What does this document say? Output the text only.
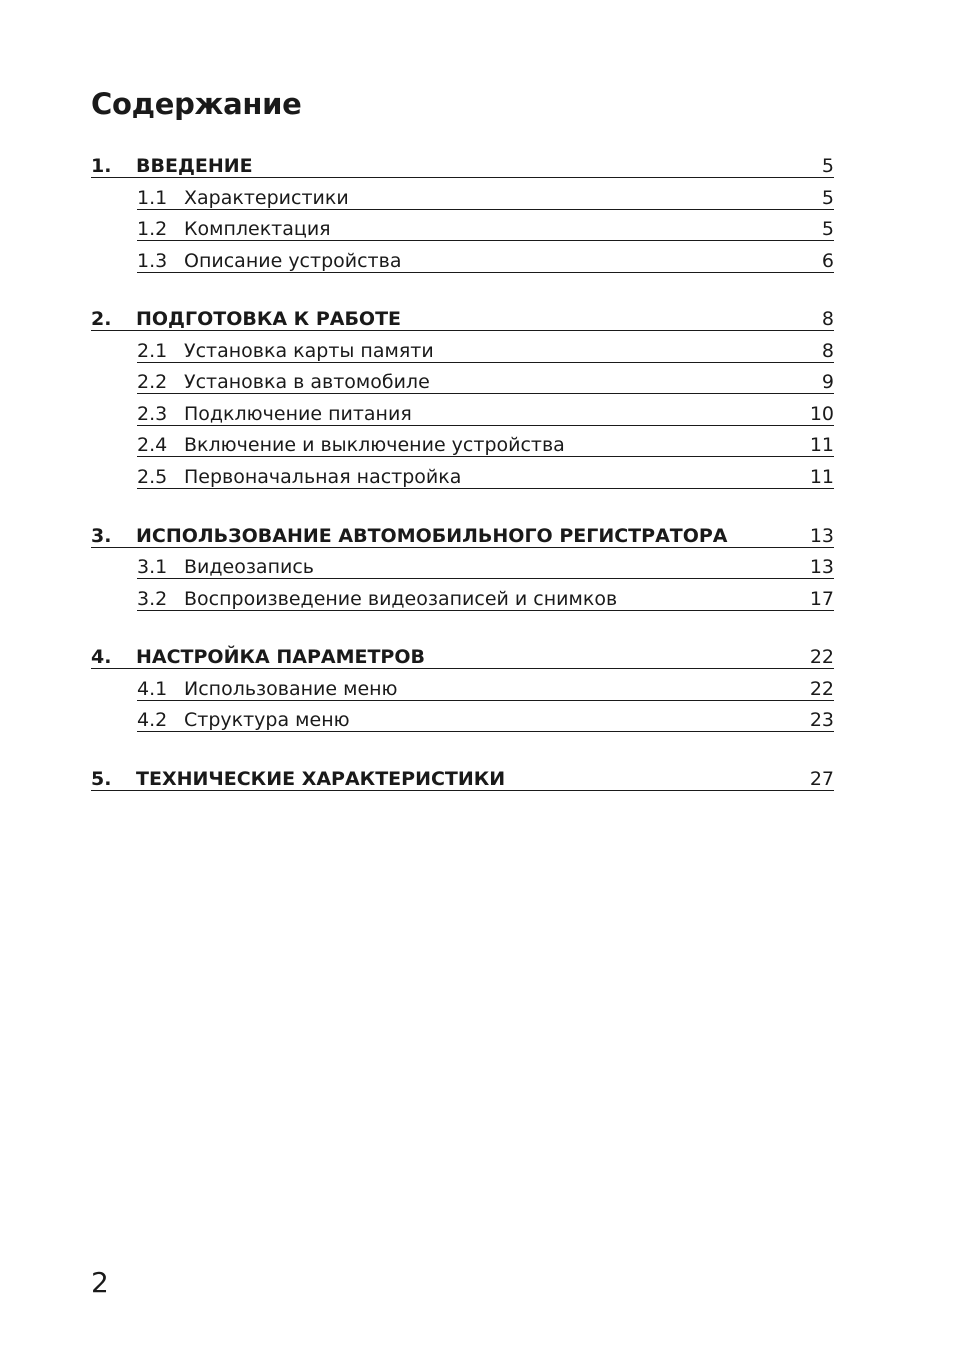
Содержание
1. ВВЕДЕНИЕ	5
1.1 Характеристики	5
1.2 Комплектация	5
1.3 Описание устройства	6
2. ПОДГОТОВКА К РАБОТЕ	8
2.1 Установка карты памяти	8
2.2 Установка в автомобиле	9
2.3 Подключение питания	10
2.4 Включение и выключение устройства	11
2.5 Первоначальная настройка	11
3. ИСПОЛЬЗОВАНИЕ АВТОМОБИЛЬНОГО РЕГИСТРАТОРА	13
3.1 Видеозапись	13
3.2 Воспроизведение видеозаписей и снимков	17
4. НАСТРОЙКА ПАРАМЕТРОВ	22
4.1 Использование меню	22
4.2 Структура меню	23
5. ТЕХНИЧЕСКИЕ ХАРАКТЕРИСТИКИ	27
2
